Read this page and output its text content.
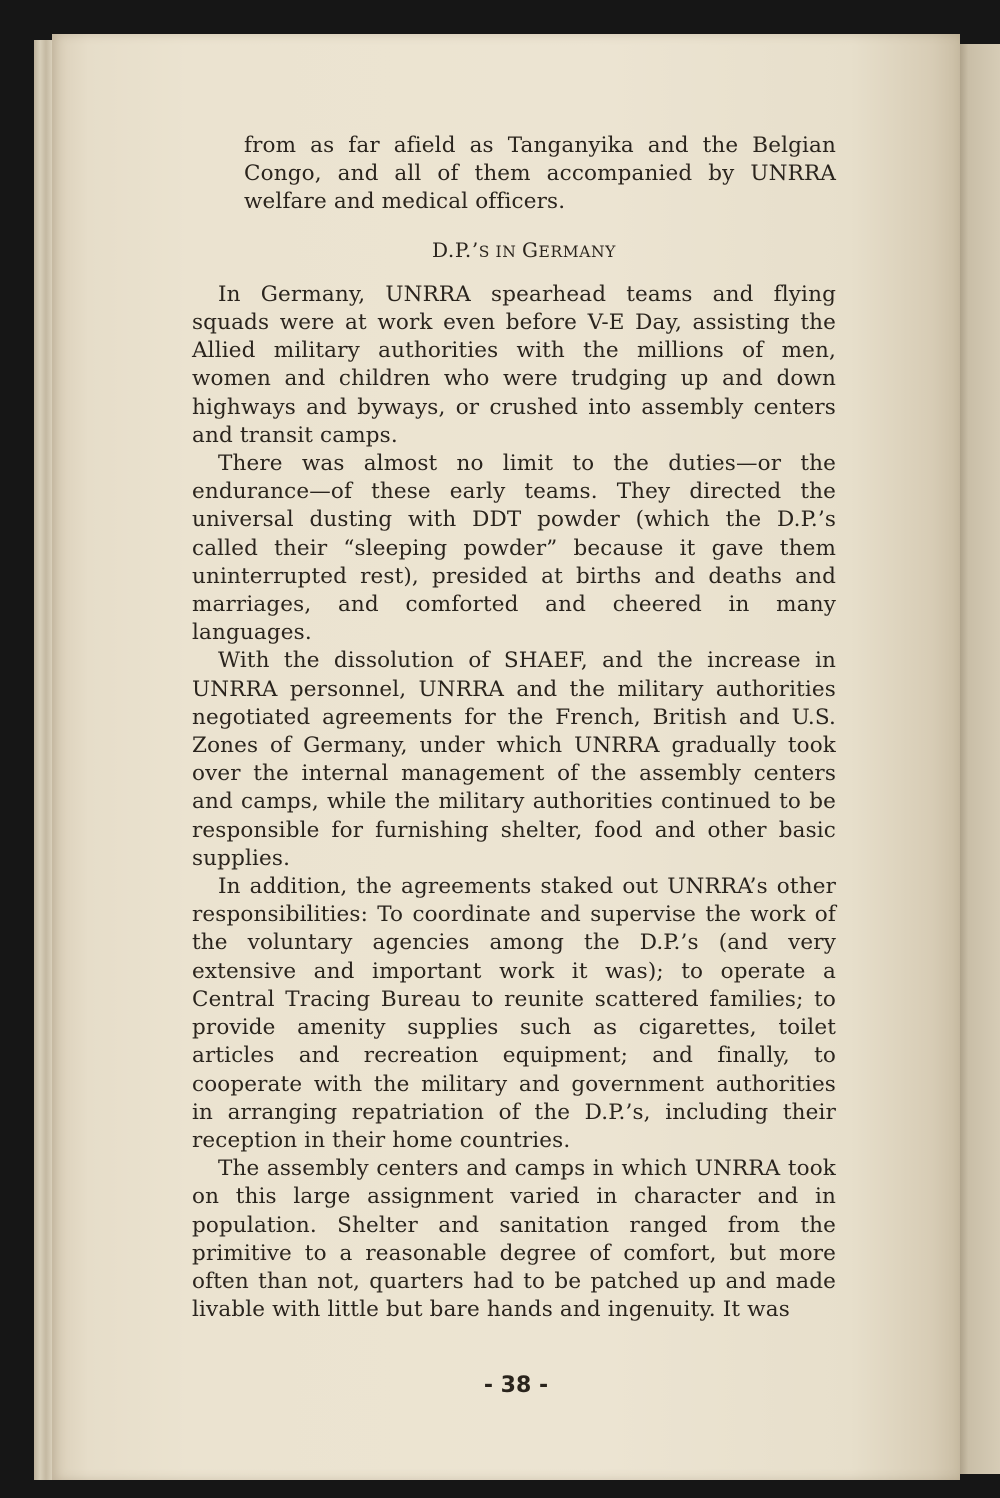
from as far afield as Tanganyika and the Belgian Congo, and all of them accompanied by UNRRA welfare and medical officers.

D.P.’S IN GERMANY

In Germany, UNRRA spearhead teams and flying squads were at work even before V-E Day, assisting the Allied military authorities with the millions of men, women and children who were trudging up and down highways and byways, or crushed into assembly centers and transit camps.

There was almost no limit to the duties—or the endurance—of these early teams. They directed the universal dusting with DDT powder (which the D.P.’s called their “sleeping powder” because it gave them uninterrupted rest), presided at births and deaths and marriages, and comforted and cheered in many languages.

With the dissolution of SHAEF, and the increase in UNRRA personnel, UNRRA and the military authorities negotiated agreements for the French, British and U.S. Zones of Germany, under which UNRRA gradually took over the internal management of the assembly centers and camps, while the military authorities continued to be responsible for furnishing shelter, food and other basic supplies.

In addition, the agreements staked out UNRRA’s other responsibilities: To coordinate and supervise the work of the voluntary agencies among the D.P.’s (and very extensive and important work it was); to operate a Central Tracing Bureau to reunite scattered families; to provide amenity supplies such as cigarettes, toilet articles and recreation equipment; and finally, to cooperate with the military and government authorities in arranging repatriation of the D.P.’s, including their reception in their home countries.

The assembly centers and camps in which UNRRA took on this large assignment varied in character and in population. Shelter and sanitation ranged from the primitive to a reasonable degree of comfort, but more often than not, quarters had to be patched up and made livable with little but bare hands and ingenuity. It was

- 38 -
